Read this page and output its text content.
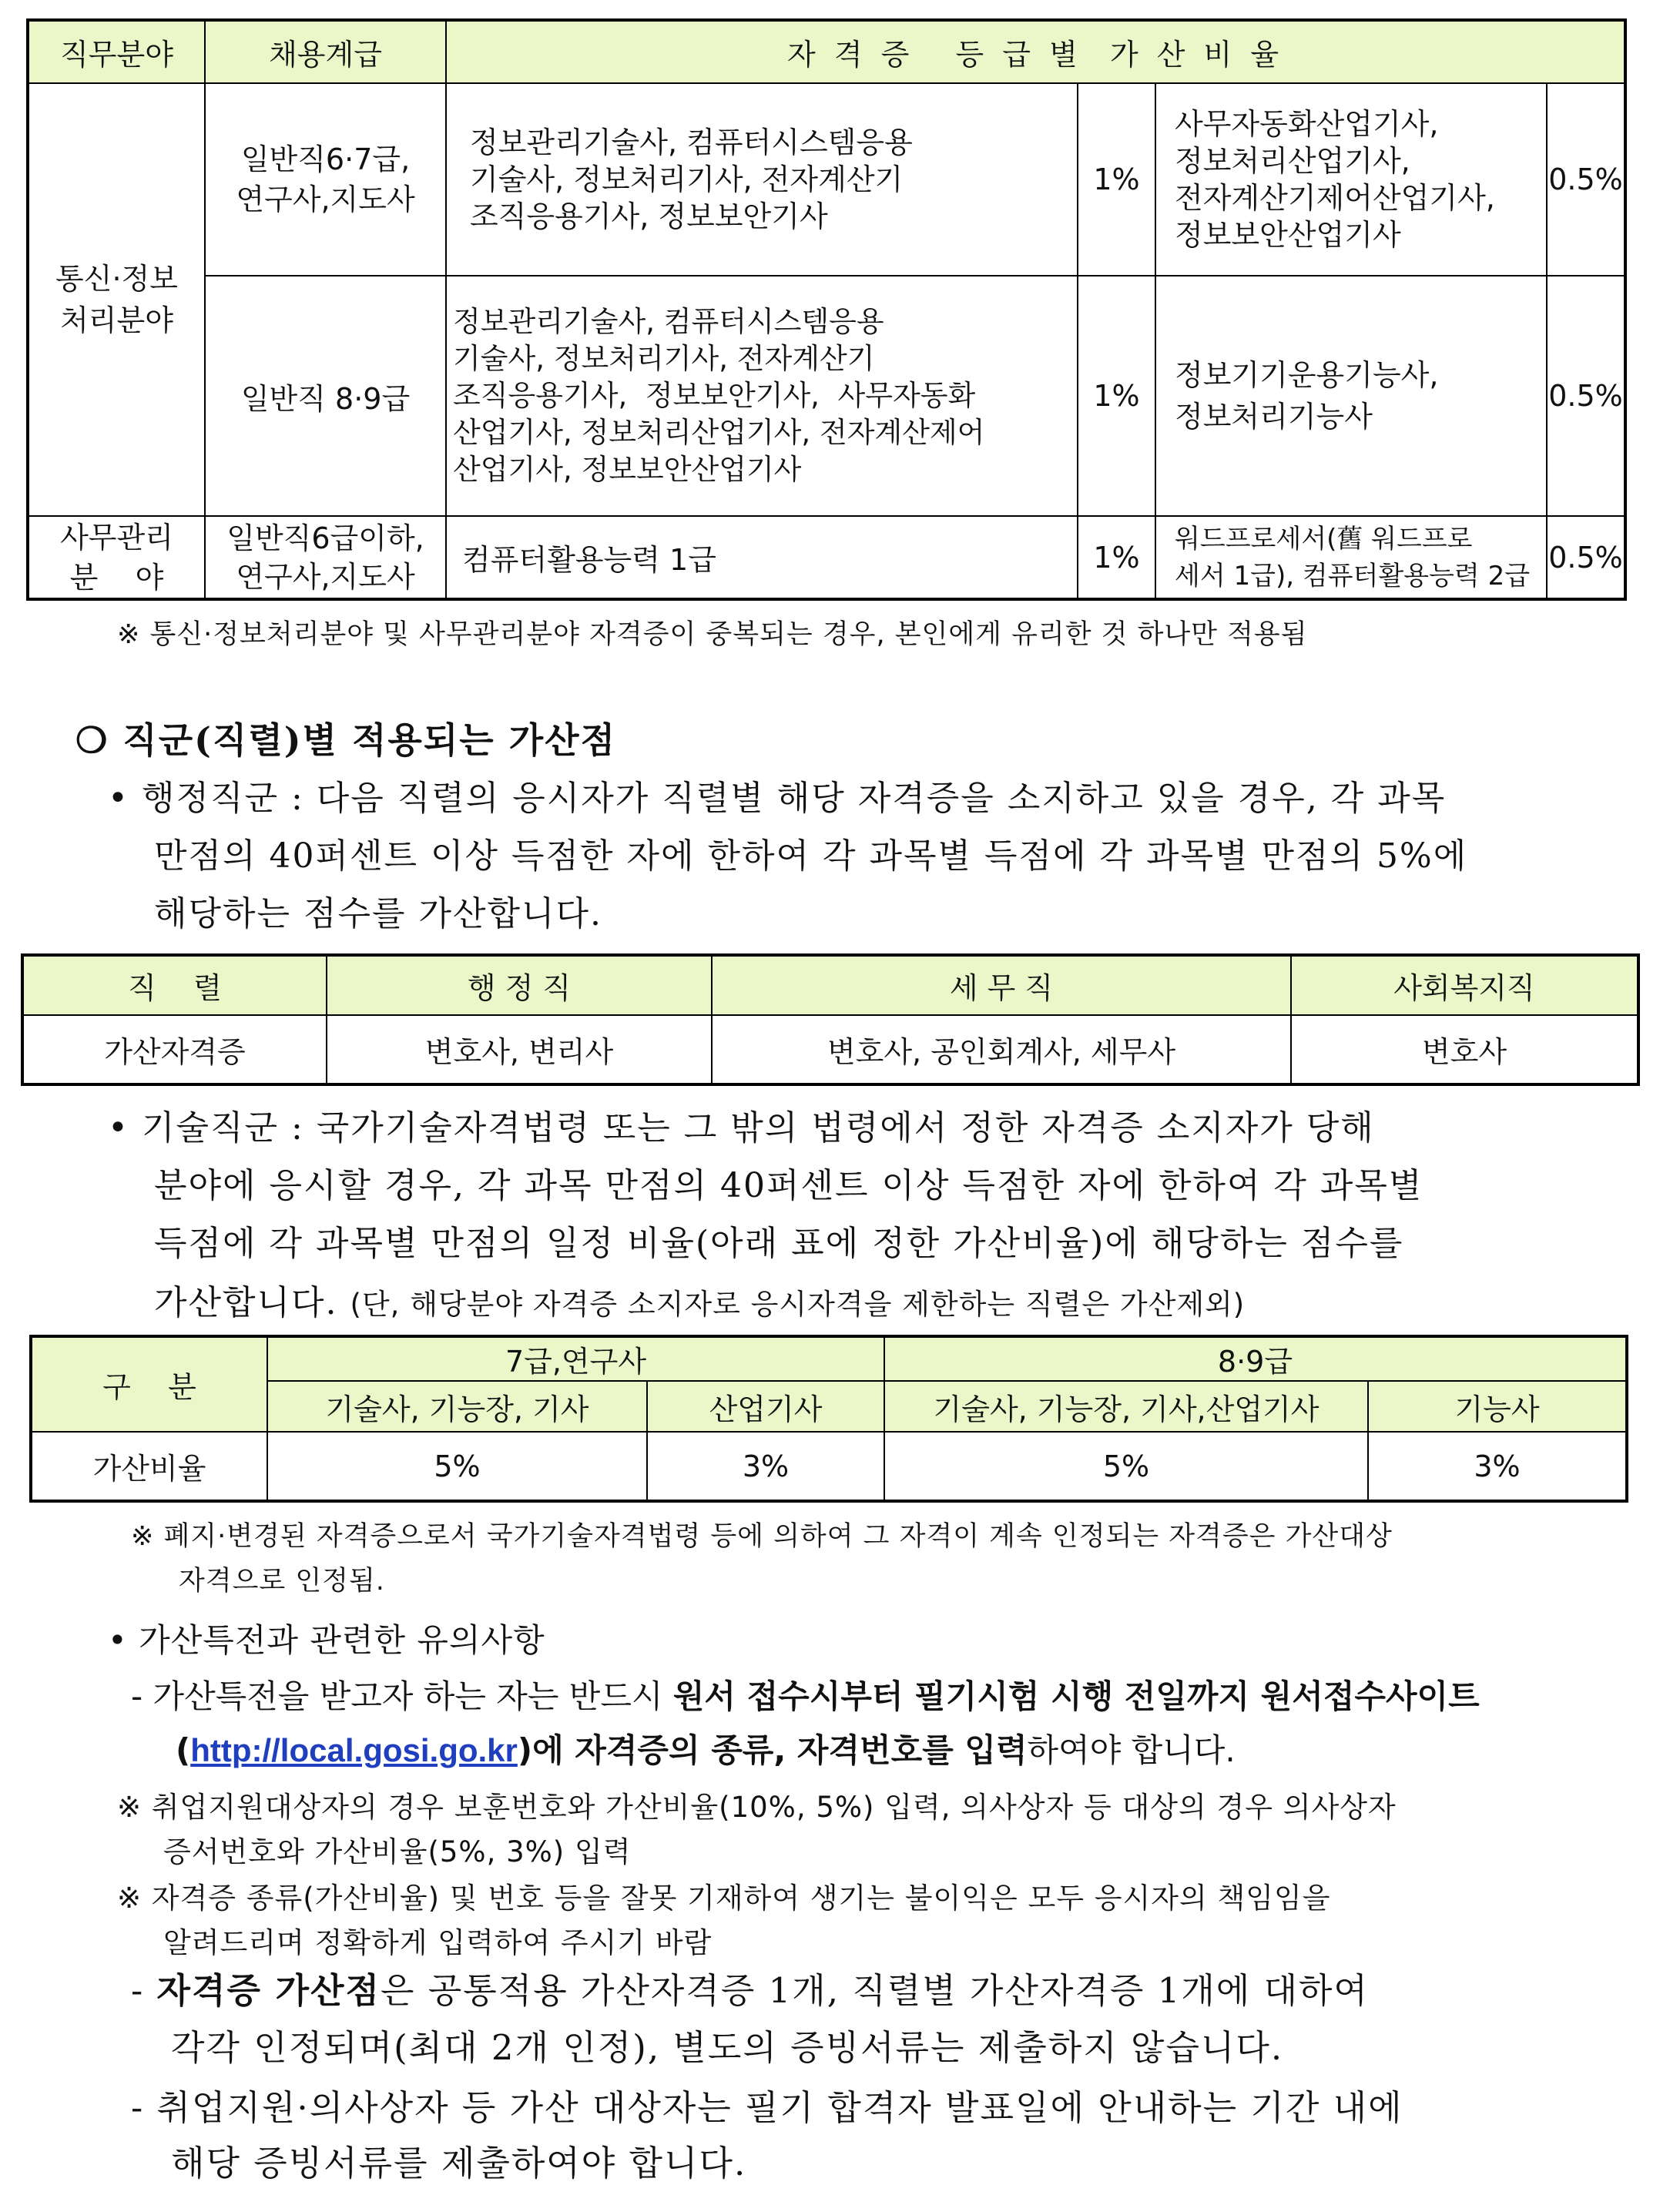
직무분야	채용계급	자 격 증   등 급 별  가 산 비 율			
통신·정보
처리분야	일반직6·7급,
연구사,지도사	정보관리기술사, 컴퓨터시스템응용
기술사, 정보처리기사, 전자계산기
조직응용기사, 정보보안기사	1%	사무자동화산업기사,
정보처리산업기사,
전자계산기제어산업기사,
정보보안산업기사	0.5%
	일반직 8·9급	정보관리기술사, 컴퓨터시스템응용
기술사, 정보처리기사, 전자계산기
조직응용기사,  정보보안기사,  사무자동화
산업기사, 정보처리산업기사, 전자계산제어
산업기사, 정보보안산업기사	1%	정보기기운용기능사,
정보처리기능사	0.5%
사무관리
분    야	일반직6급이하,
연구사,지도사	컴퓨터활용능력 1급	1%	워드프로세서(舊 워드프로
세서 1급), 컴퓨터활용능력 2급	0.5%
※ 통신·정보처리분야 및 사무관리분야 자격증이 중복되는 경우, 본인에게 유리한 것 하나만 적용됨
❍ 직군(직렬)별 적용되는 가산점
• 행정직군 : 다음 직렬의 응시자가 직렬별 해당 자격증을 소지하고 있을 경우, 각 과목
만점의 40퍼센트 이상 득점한 자에 한하여 각 과목별 득점에 각 과목별 만점의 5%에
해당하는 점수를 가산합니다.
직    렬	행 정 직	세 무 직	사회복지직
가산자격증	변호사, 변리사	변호사, 공인회계사, 세무사	변호사
• 기술직군 : 국가기술자격법령 또는 그 밖의 법령에서 정한 자격증 소지자가 당해
분야에 응시할 경우, 각 과목 만점의 40퍼센트 이상 득점한 자에 한하여 각 과목별
득점에 각 과목별 만점의 일정 비율(아래 표에 정한 가산비율)에 해당하는 점수를
가산합니다. (단, 해당분야 자격증 소지자로 응시자격을 제한하는 직렬은 가산제외)
구    분	7급,연구사		8·9급	
	기술사, 기능장, 기사	산업기사	기술사, 기능장, 기사,산업기사	기능사
가산비율	5%	3%	5%	3%
※ 폐지·변경된 자격증으로서 국가기술자격법령 등에 의하여 그 자격이 계속 인정되는 자격증은 가산대상
자격으로 인정됨.
• 가산특전과 관련한 유의사항
- 가산특전을 받고자 하는 자는 반드시 원서 접수시부터 필기시험 시행 전일까지 원서접수사이트
(http://local.gosi.go.kr)에 자격증의 종류, 자격번호를 입력하여야 합니다.
※ 취업지원대상자의 경우 보훈번호와 가산비율(10%, 5%) 입력, 의사상자 등 대상의 경우 의사상자
증서번호와 가산비율(5%, 3%) 입력
※ 자격증 종류(가산비율) 및 번호 등을 잘못 기재하여 생기는 불이익은 모두 응시자의 책임임을
알려드리며 정확하게 입력하여 주시기 바람
- 자격증 가산점은 공통적용 가산자격증 1개, 직렬별 가산자격증 1개에 대하여
각각 인정되며(최대 2개 인정), 별도의 증빙서류는 제출하지 않습니다.
- 취업지원·의사상자 등 가산 대상자는 필기 합격자 발표일에 안내하는 기간 내에
해당 증빙서류를 제출하여야 합니다.
